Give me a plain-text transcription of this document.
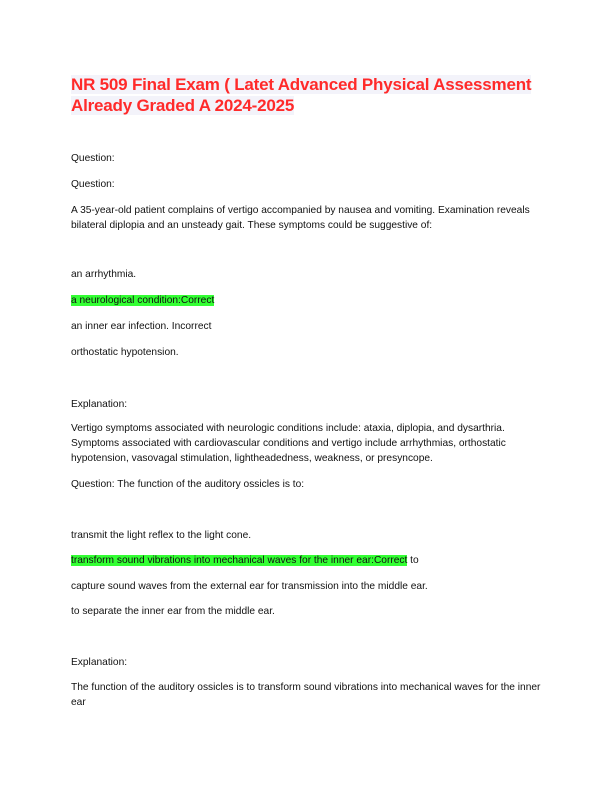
NR 509 Final Exam ( Latet Advanced Physical Assessment Already Graded A 2024-2025
Question:
Question:
A 35-year-old patient complains of vertigo accompanied by nausea and vomiting. Examination reveals bilateral diplopia and an unsteady gait. These symptoms could be suggestive of:
an arrhythmia.
a neurological condition:Correct
an inner ear infection. Incorrect
orthostatic hypotension.
Explanation:
Vertigo symptoms associated with neurologic conditions include: ataxia, diplopia, and dysarthria. Symptoms associated with cardiovascular conditions and vertigo include arrhythmias, orthostatic hypotension, vasovagal stimulation, lightheadedness, weakness, or presyncope.
Question: The function of the auditory ossicles is to:
transmit the light reflex to the light cone.
transform sound vibrations into mechanical waves for the inner ear:Correct to
capture sound waves from the external ear for transmission into the middle ear.
to separate the inner ear from the middle ear.
Explanation:
The function of the auditory ossicles is to transform sound vibrations into mechanical waves for the inner ear
